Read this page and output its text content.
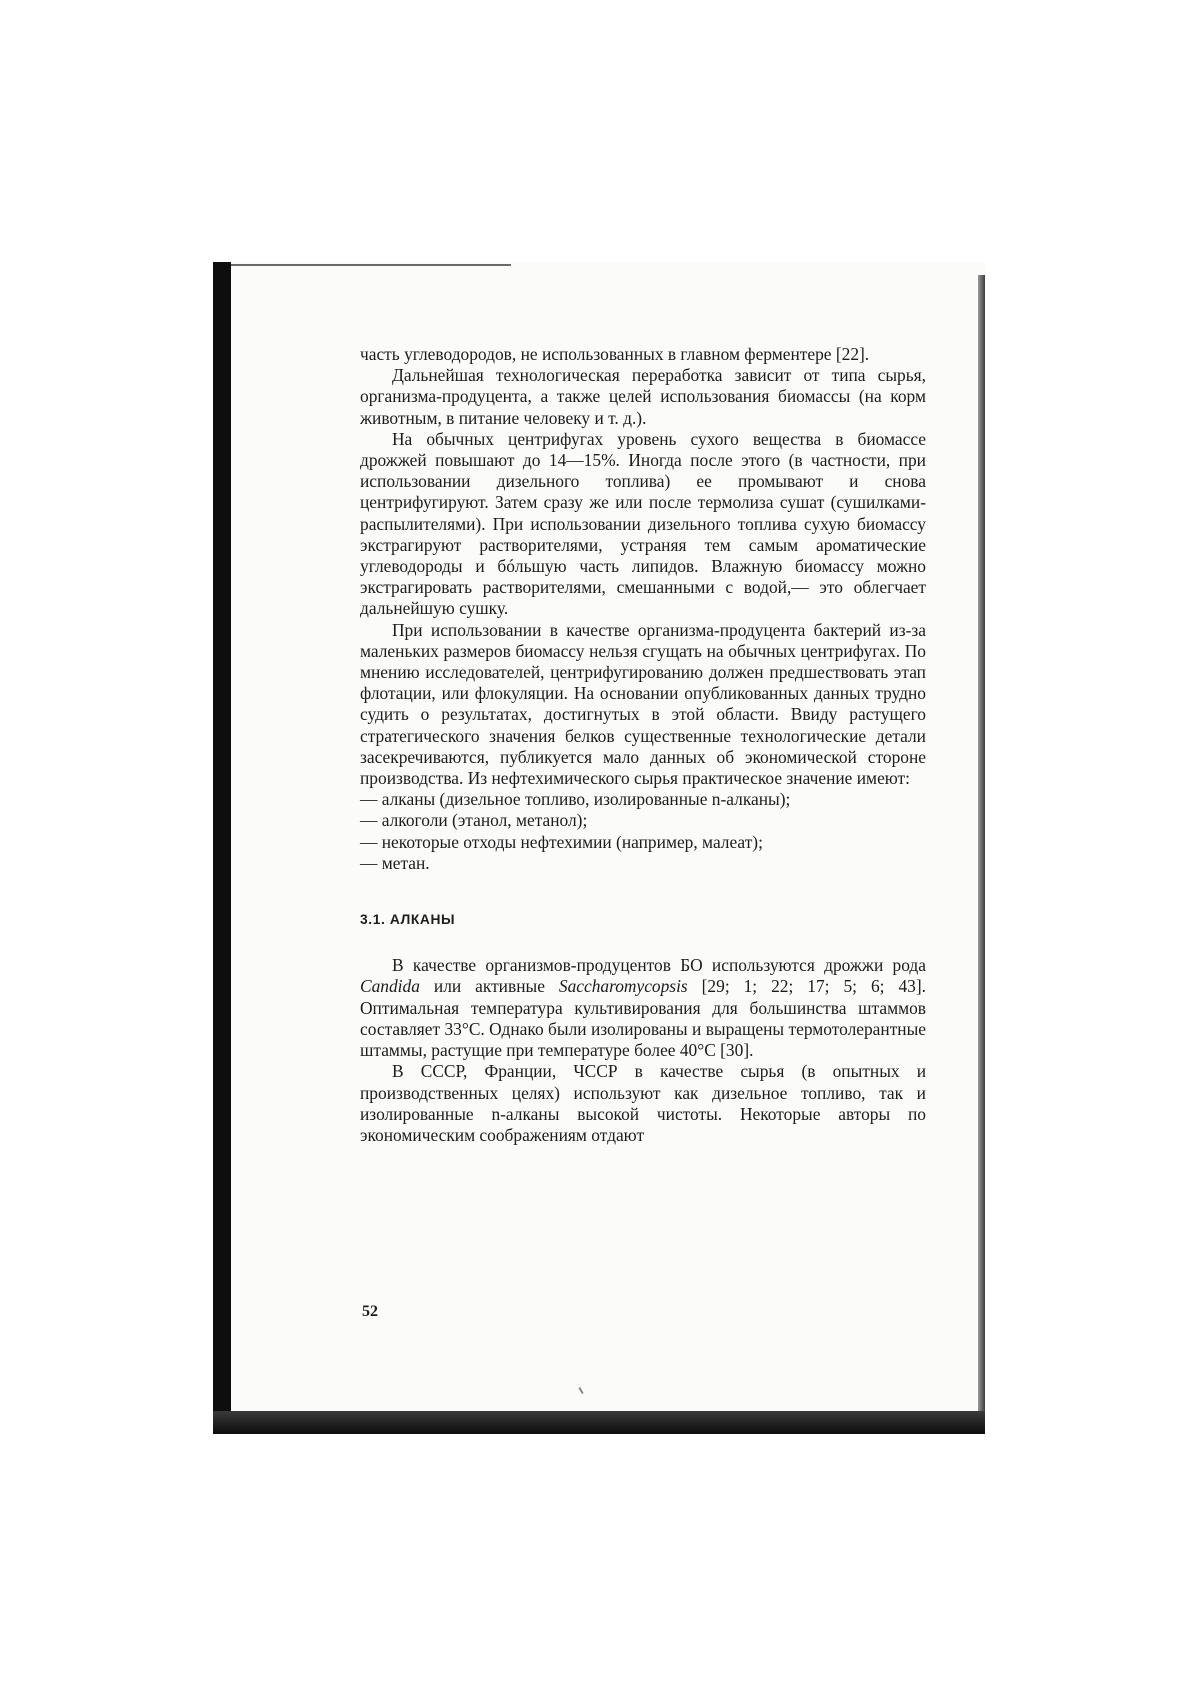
часть углеводородов, не использованных в главном ферментере [22].

Дальнейшая технологическая переработка зависит от типа сырья, организма-продуцента, а также целей использования биомассы (на корм животным, в питание человеку и т. д.).

На обычных центрифугах уровень сухого вещества в биомассе дрожжей повышают до 14—15%. Иногда после этого (в частности, при использовании дизельного топлива) ее промывают и снова центрифугируют. Затем сразу же или после термолиза сушат (сушилками-распылителями). При использовании дизельного топлива сухую биомассу экстрагируют растворителями, устраняя тем самым ароматические углеводороды и бóльшую часть липидов. Влажную биомассу можно экстрагировать растворителями, смешанными с водой,— это облегчает дальнейшую сушку.

При использовании в качестве организма-продуцента бактерий из-за маленьких размеров биомассу нельзя сгущать на обычных центрифугах. По мнению исследователей, центрифугированию должен предшествовать этап флотации, или флокуляции. На основании опубликованных данных трудно судить о результатах, достигнутых в этой области. Ввиду растущего стратегического значения белков существенные технологические детали засекречиваются, публикуется мало данных об экономической стороне производства. Из нефтехимического сырья практическое значение имеют:

— алканы (дизельное топливо, изолированные n-алканы);
— алкоголи (этанол, метанол);
— некоторые отходы нефтехимии (например, малеат);
— метан.
3.1. АЛКАНЫ

В качестве организмов-продуцентов БО используются дрожжи рода Candida или активные Saccharomycopsis [29; 1; 22; 17; 5; 6; 43]. Оптимальная температура культивирования для большинства штаммов составляет 33°С. Однако были изолированы и выращены термотолерантные штаммы, растущие при температуре более 40°С [30].

В СССР, Франции, ЧССР в качестве сырья (в опытных и производственных целях) используют как дизельное топливо, так и изолированные n-алканы высокой чистоты. Некоторые авторы по экономическим соображениям отдают

52
